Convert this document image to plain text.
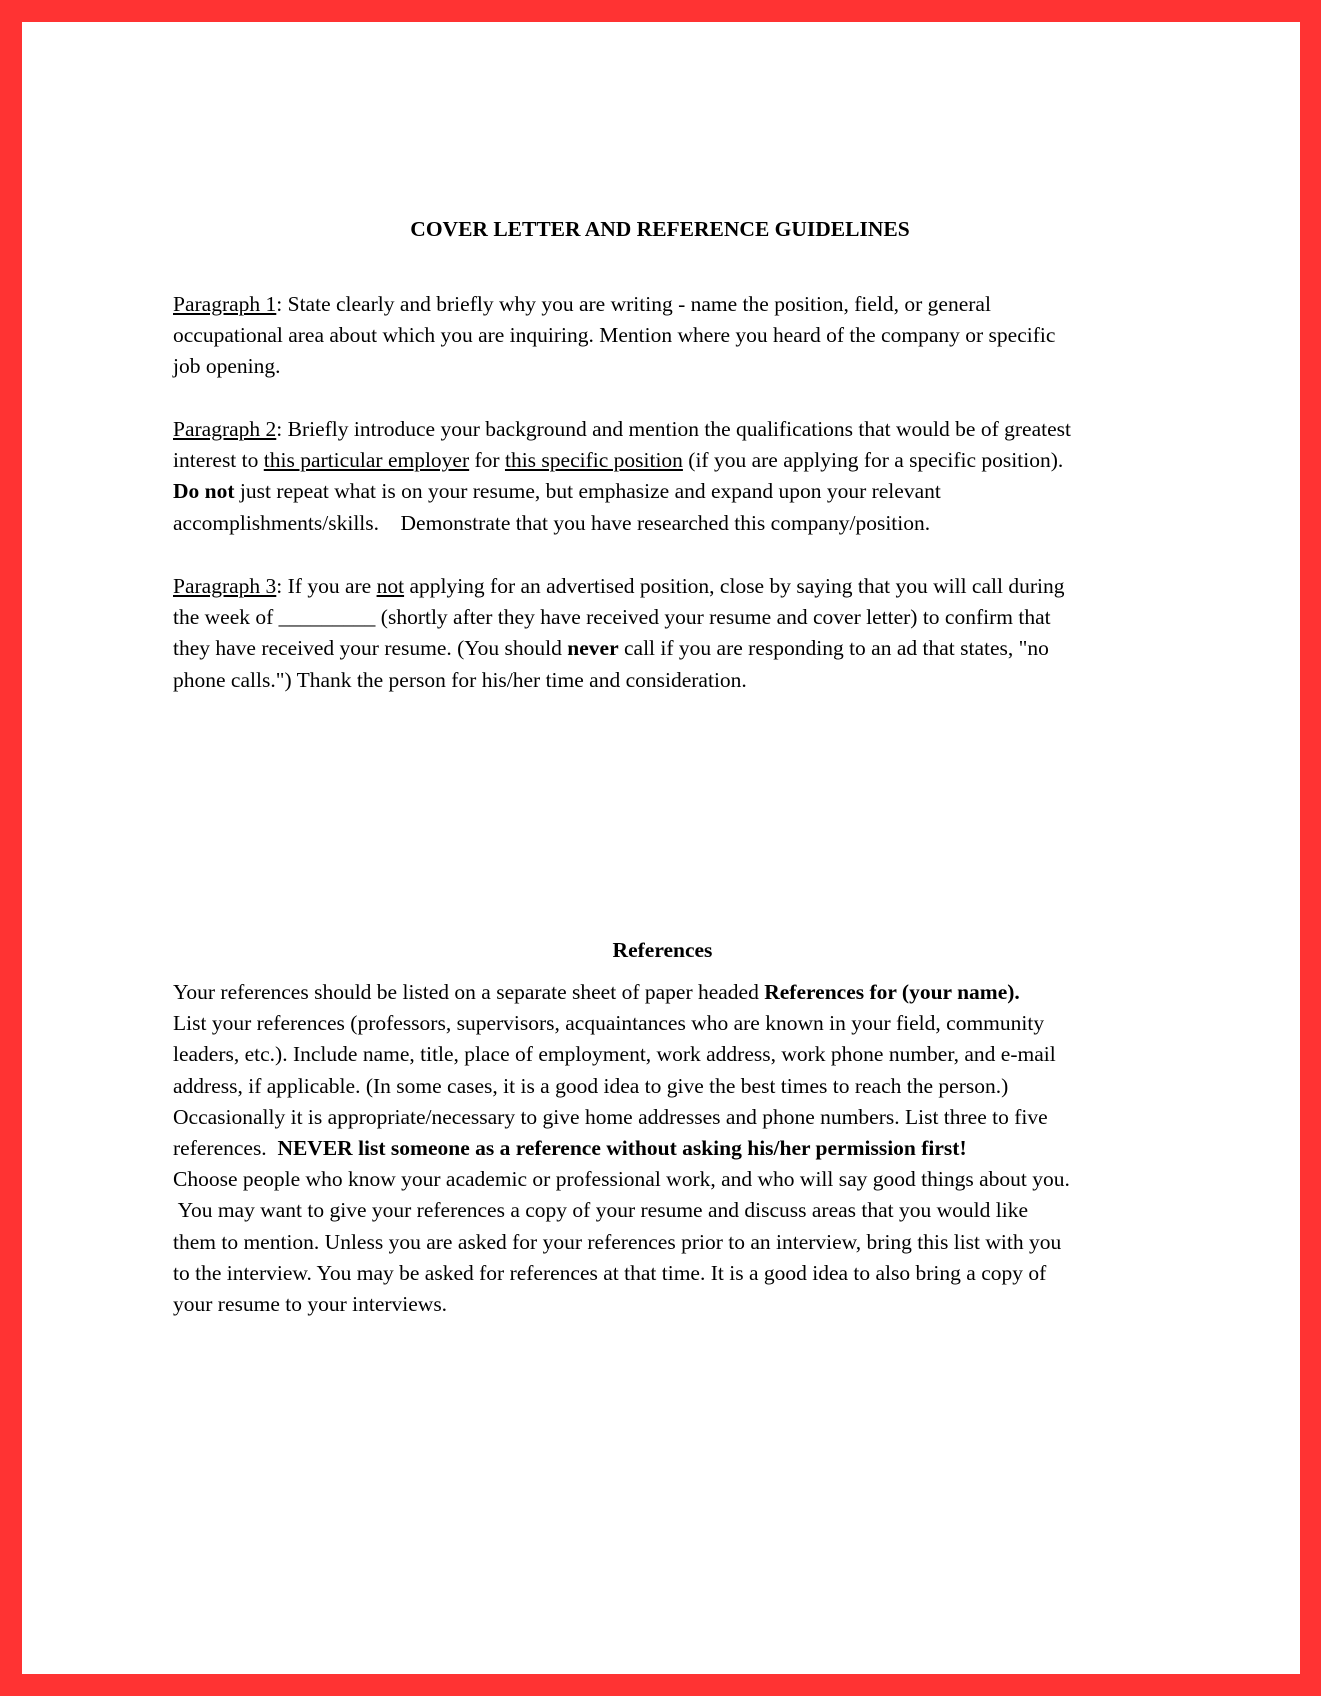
COVER LETTER AND REFERENCE GUIDELINES

Paragraph 1: State clearly and briefly why you are writing - name the position, field, or general
occupational area about which you are inquiring. Mention where you heard of the company or specific
job opening.

Paragraph 2: Briefly introduce your background and mention the qualifications that would be of greatest
interest to this particular employer for this specific position (if you are applying for a specific position).
Do not just repeat what is on your resume, but emphasize and expand upon your relevant
accomplishments/skills.    Demonstrate that you have researched this company/position.

Paragraph 3: If you are not applying for an advertised position, close by saying that you will call during
the week of _________ (shortly after they have received your resume and cover letter) to confirm that
they have received your resume. (You should never call if you are responding to an ad that states, "no
phone calls.") Thank the person for his/her time and consideration.

References

Your references should be listed on a separate sheet of paper headed References for (your name).
List your references (professors, supervisors, acquaintances who are known in your field, community
leaders, etc.). Include name, title, place of employment, work address, work phone number, and e-mail
address, if applicable. (In some cases, it is a good idea to give the best times to reach the person.)
Occasionally it is appropriate/necessary to give home addresses and phone numbers. List three to five
references.  NEVER list someone as a reference without asking his/her permission first!
Choose people who know your academic or professional work, and who will say good things about you.
You may want to give your references a copy of your resume and discuss areas that you would like
them to mention. Unless you are asked for your references prior to an interview, bring this list with you
to the interview. You may be asked for references at that time. It is a good idea to also bring a copy of
your resume to your interviews.
